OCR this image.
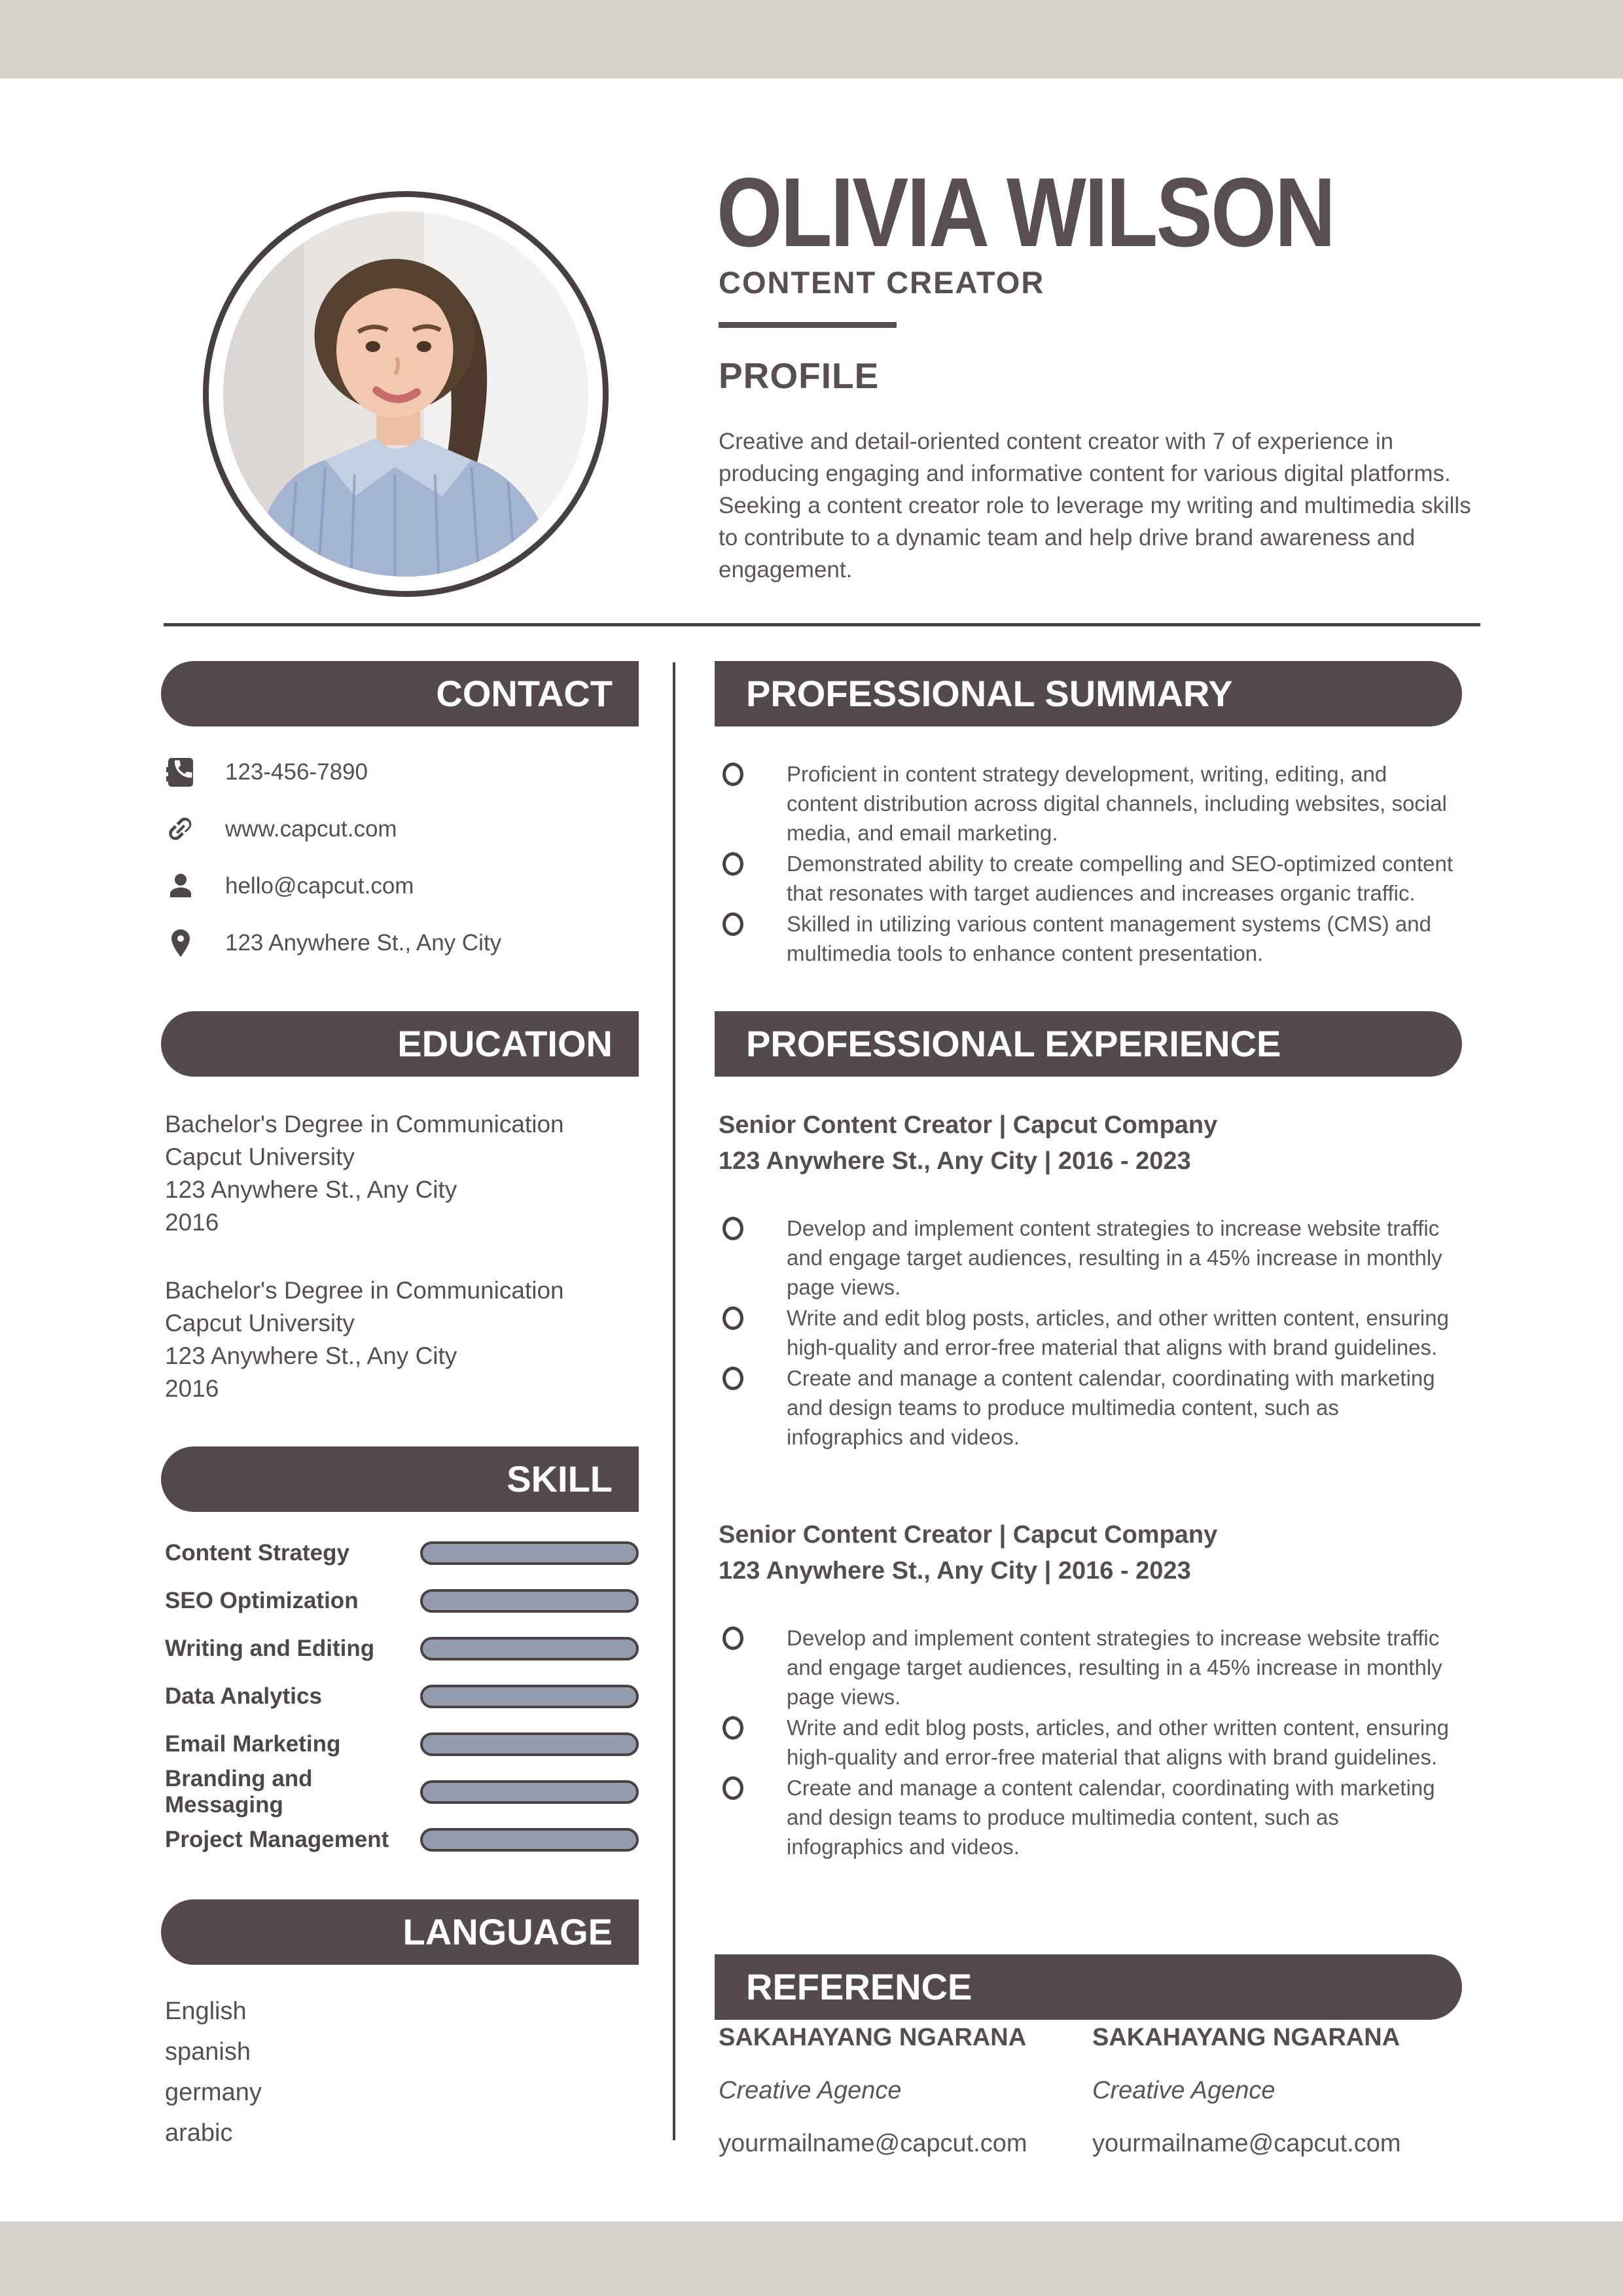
OLIVIA WILSON
CONTENT CREATOR
PROFILE
Creative and detail-oriented content creator with 7 of experience in producing engaging and informative content for various digital platforms. Seeking a content creator role to leverage my writing and multimedia skills to contribute to a dynamic team and help drive brand awareness and engagement.
CONTACT
EDUCATION
SKILL
LANGUAGE
123-456-7890
www.capcut.com
hello@capcut.com
123 Anywhere St., Any City
Bachelor's Degree in Communication
Capcut University
123 Anywhere St., Any City
2016
Bachelor's Degree in Communication
Capcut University
123 Anywhere St., Any City
2016
Content Strategy
SEO Optimization
Writing and Editing
Data Analytics
Email Marketing
Branding and Messaging
Project Management
English
spanish
germany
arabic
PROFESSIONAL SUMMARY
PROFESSIONAL EXPERIENCE
REFERENCE
Proficient in content strategy development, writing, editing, and content distribution across digital channels, including websites, social media, and email marketing.
Demonstrated ability to create compelling and SEO-optimized content that resonates with target audiences and increases organic traffic.
Skilled in utilizing various content management systems (CMS) and multimedia tools to enhance content presentation.
Senior Content Creator | Capcut Company
123 Anywhere St., Any City | 2016 - 2023
Develop and implement content strategies to increase website traffic and engage target audiences, resulting in a 45% increase in monthly page views.
Write and edit blog posts, articles, and other written content, ensuring high-quality and error-free material that aligns with brand guidelines.
Create and manage a content calendar, coordinating with marketing and design teams to produce multimedia content, such as infographics and videos.
Senior Content Creator | Capcut Company
123 Anywhere St., Any City | 2016 - 2023
Develop and implement content strategies to increase website traffic and engage target audiences, resulting in a 45% increase in monthly page views.
Write and edit blog posts, articles, and other written content, ensuring high-quality and error-free material that aligns with brand guidelines.
Create and manage a content calendar, coordinating with marketing and design teams to produce multimedia content, such as infographics and videos.
SAKAHAYANG NGARANA
Creative Agence
yourmailname@capcut.com
SAKAHAYANG NGARANA
Creative Agence
yourmailname@capcut.com
